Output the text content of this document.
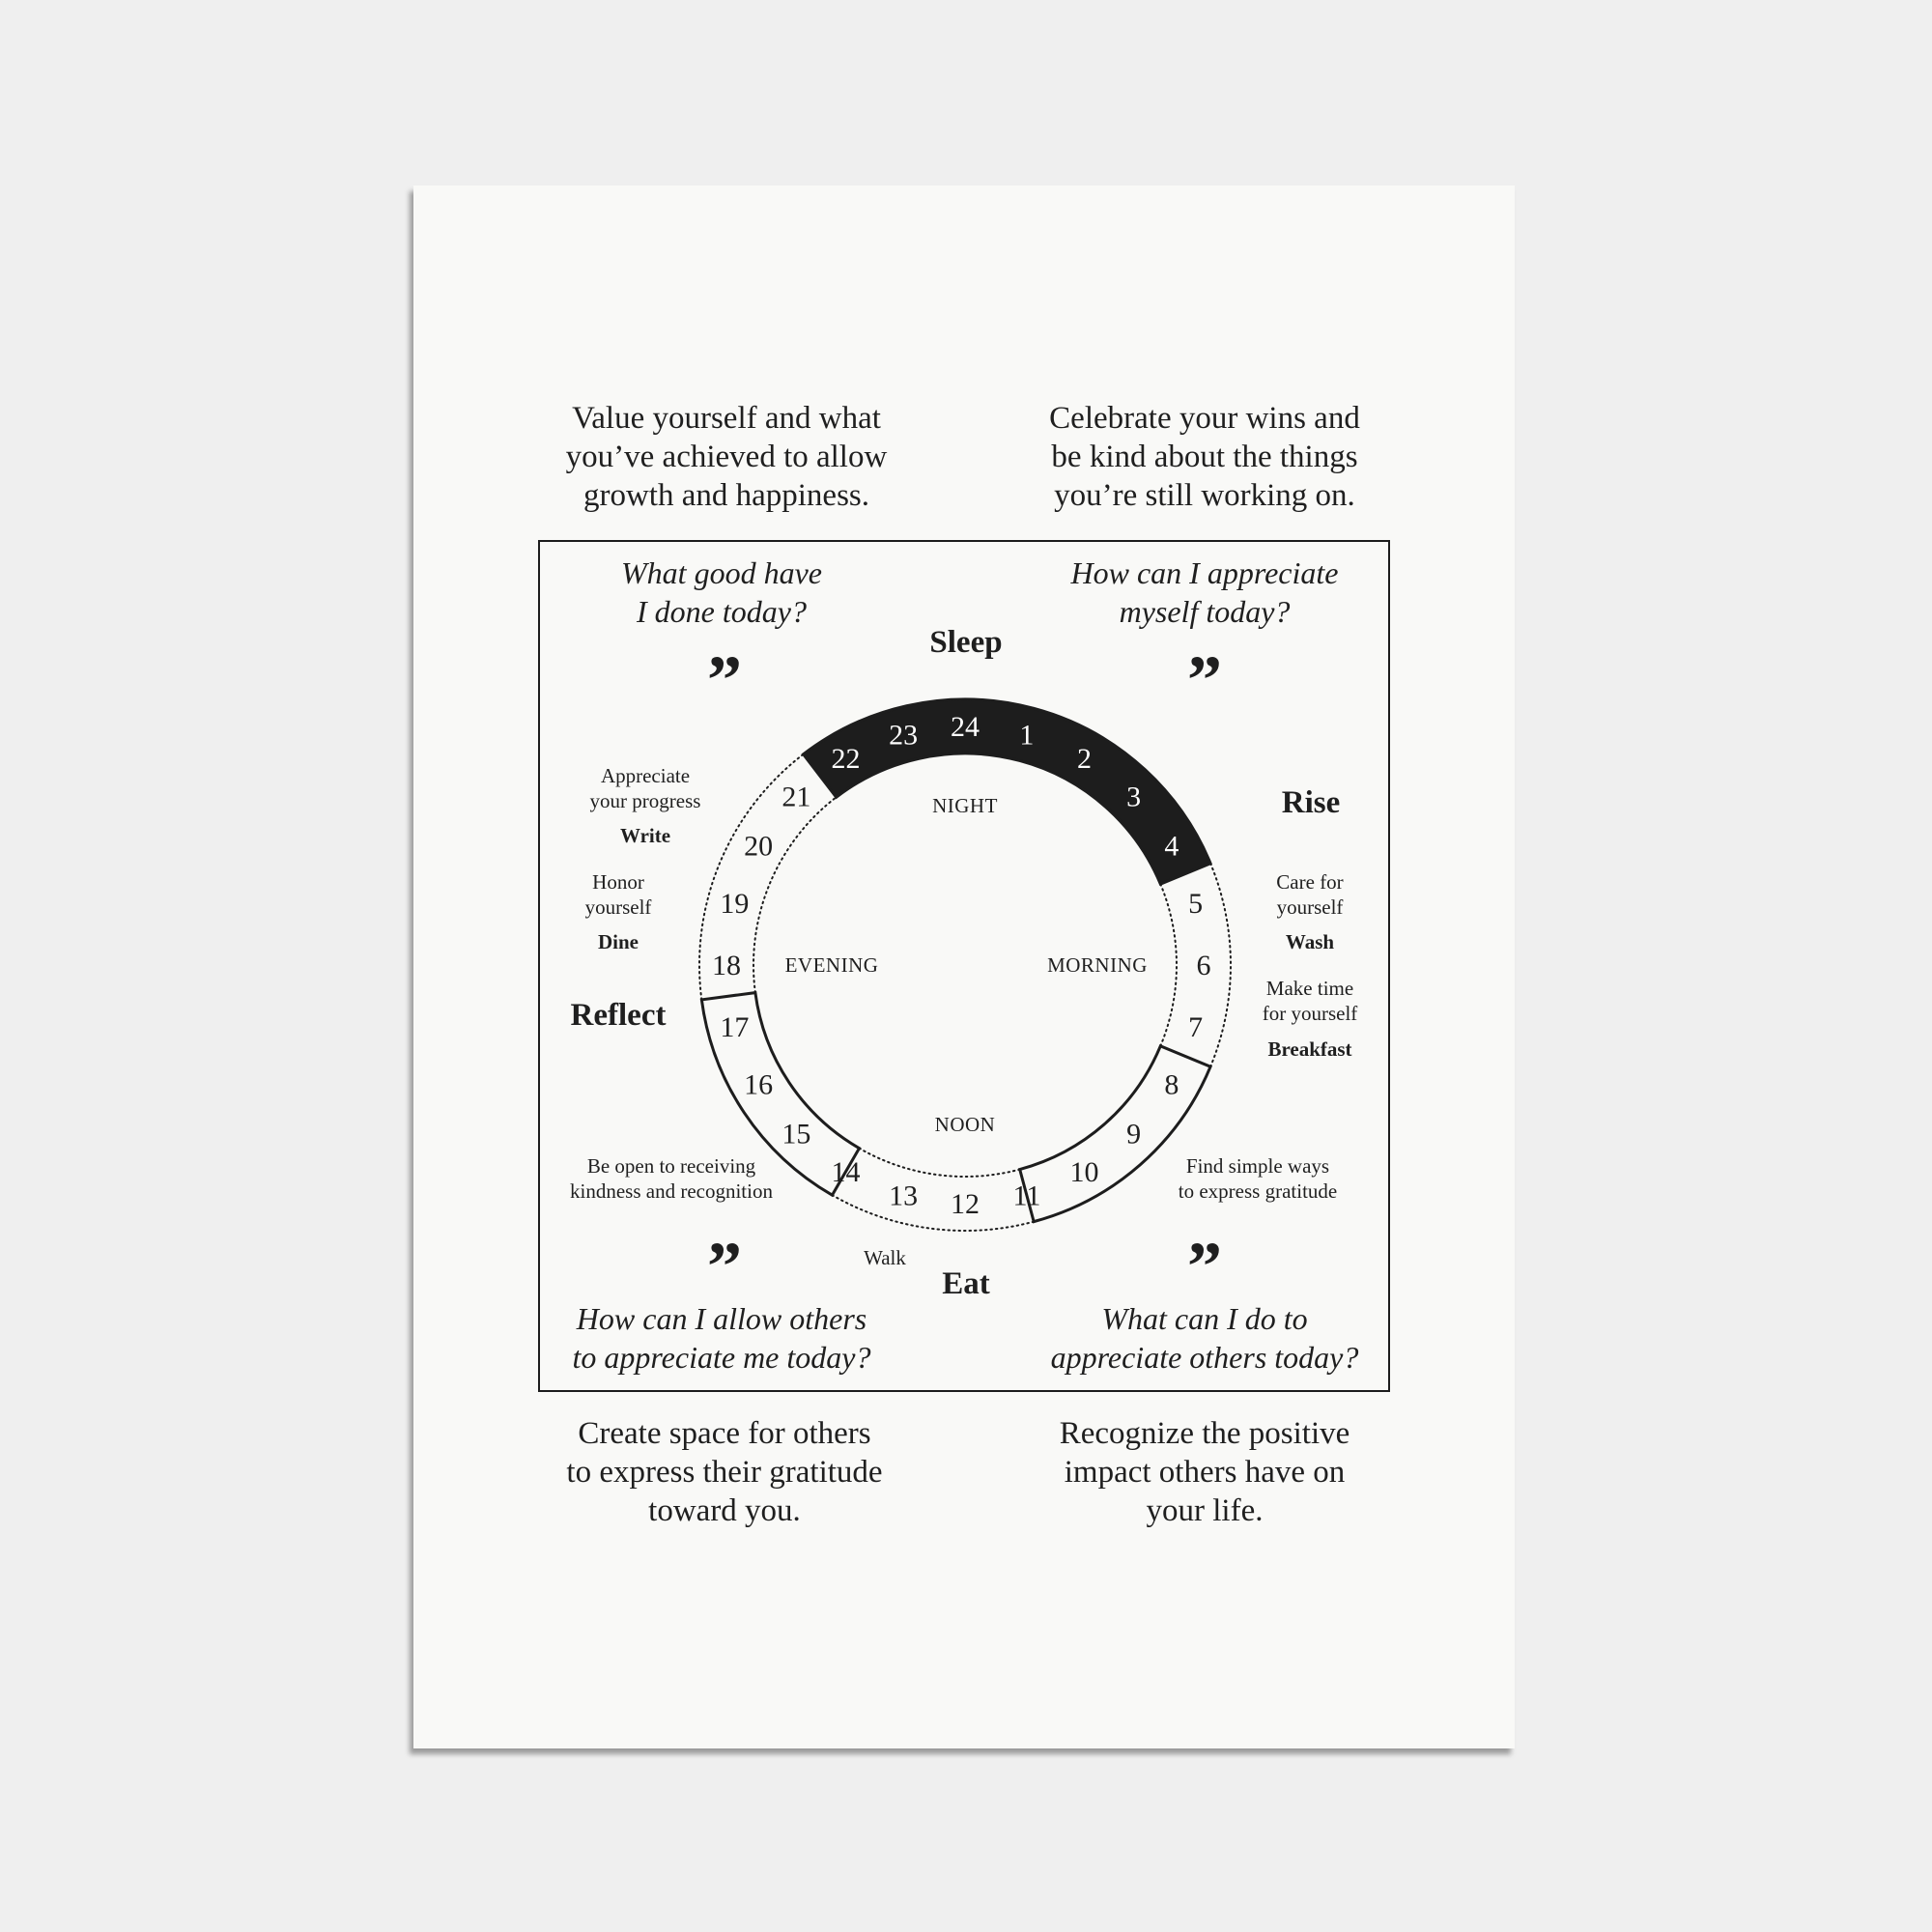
Value yourself and what
you’ve achieved to allow
growth and happiness.
Celebrate your wins and
be kind about the things
you’re still working on.
Create space for others
to express their gratitude
toward you.
Recognize the positive
impact others have on
your life.
What good have
I done today?
How can I appreciate
myself today?
How can I allow others
to appreciate me today?
What can I do to
appreciate others today?
”	”
”	”
Sleep
Rise
Reflect
Eat
Appreciate
your progress
Write
Honor
yourself
Dine
Be open to receiving
kindness and recognition
Care for
yourself
Wash
Make time
for yourself
Breakfast
Find simple ways
to express gratitude
Walk
1
2
3
4
5
6
7
8
9
10
11
12
13
14
15
16
17
18
19
20
21
22
23 24
NIGHT
MORNING
NOON
EVENING
